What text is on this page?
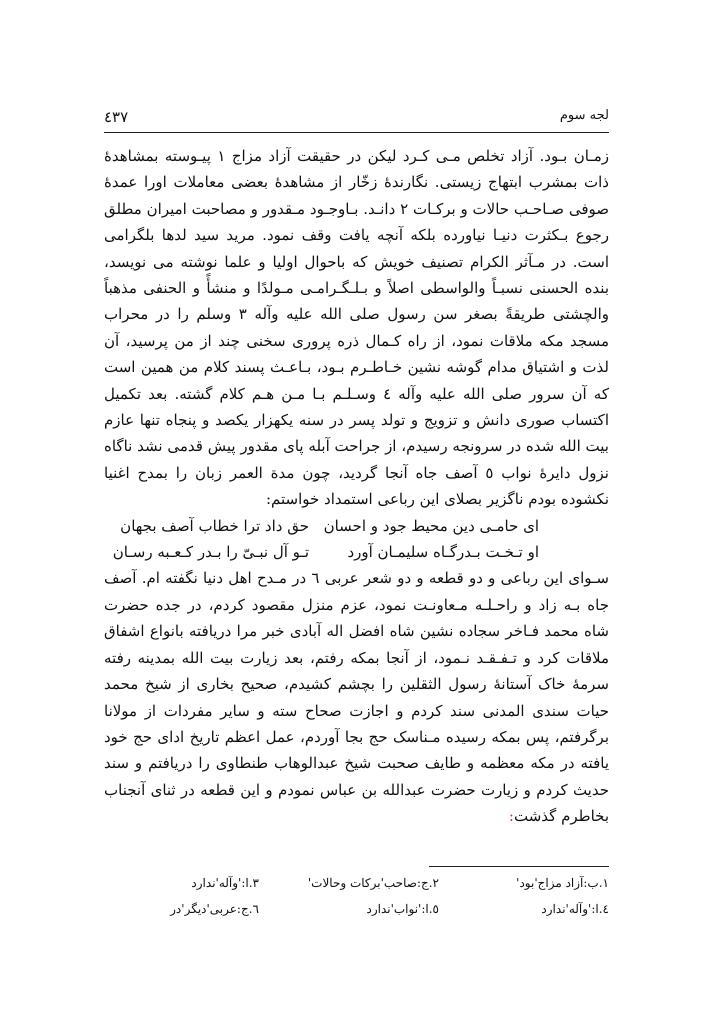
٤٣٧	لجه سوم

زمـان بـود. آزاد تخلص مـی کـرد لیکن در حقیقت آزاد مزاج ١ پیـوسته بمشاهدهٔ ذات بمشرب ابتهاج زیستی. نگارندهٔ زخّار از مشاهدهٔ بعضی معاملات اورا عمدهٔ صوفی صـاحـب حالات و برکـات ٢ دانـد. بـاوجـود مـقدور و مصاحبت امیران مطلق رجوع بـکثرت دنیـا نیاورده بلکه آنچه یافت وقف نمود. مرید سید لدها بلگرامی است. در مـآثر الکرام تصنیف خویش که باحوال اولیا و علما نوشته می نویسد، بنده الحسنی نسبـاً والواسطی اصلاً و بـلـگـرامـی مـولدًا و منشأً و الحنفی مذهباً والچشتی طریقةً بصغر سن رسول صلی الله علیه وآله ٣ وسلم را در محراب مسجد مکه ملاقات نمود، از راه کـمال ذره پروری سخنی چند از من پرسید، آن لذت و اشتیاق مدام گوشه نشین خـاطـرم بـود، بـاعـث پسند کلام من همین است که آن سرور صلی الله علیه وآله ٤ وسـلـم بـا مـن هـم کلام گشته. بعد تکمیل اکتساب صوری دانش و تزویج و تولد پسر در سنه یکهزار یکصد و پنجاه تنها عازم بیت الله شده در سرونجه رسیدم، از جراحت آبله پای مقدور پیش قدمی نشد ناگاه نزول دایرهٔ نواب ٥ آصف جاه آنجا گردید، چون مدة العمر زبان را بمدح اغنیا نکشوده بودم ناگزیر بصلای این رباعی استمداد خواستم:

ای حامـی دین محیط جود و احسان
حق داد ترا خطاب آصف بجهان
او تـخـت بـدرگـاه سلیمـان آورد
تـو آل نبـیّ را بـدر کـعـبه رسـان

سـوای این رباعی و دو قطعه و دو شعر عربی ٦ در مـدح اهل دنیا نگفته ام. آصف جاه بـه زاد و راحـلـه مـعاونـت نمود، عزم منزل مقصود کردم، در جده حضرت شاه محمد فـاخر سجاده نشین شاه افضل اله آبادی خبر مرا دریافته بانواع اشفاق ملاقات کرد و تـفـقـد نـمود، از آنجا بمکه رفتم، بعد زیارت بیت الله بمدینه رفته سرمهٔ خاک آستانهٔ رسول الثقلین را بچشم کشیدم، صحیح بخاری از شیخ محمد حیات سندی المدنی سند کردم و اجازت صحاح سته و سایر مفردات از مولانا برگرفتم، پس بمکه رسیده مـناسک حج بجا آوردم، عمل اعظم تاریخ ادای حج خود یافته در مکه معظمه و طایف صحبت شیخ عبدالوهاب طنطاوی را دریافتم و سند حدیث کردم و زیارت حضرت عبدالله بن عباس نمودم و این قطعه در ثنای آنجناب بخاطرم گذشت:

١.ب:آزاد مزاج'بود'
٢.ج:صاحب'برکات وحالات'
٣.ا:'وآله'ندارد
٤.ا:'وآله'ندارد
٥.ا:'نواب'ندارد
٦.ج:عربی'دیگر'در
